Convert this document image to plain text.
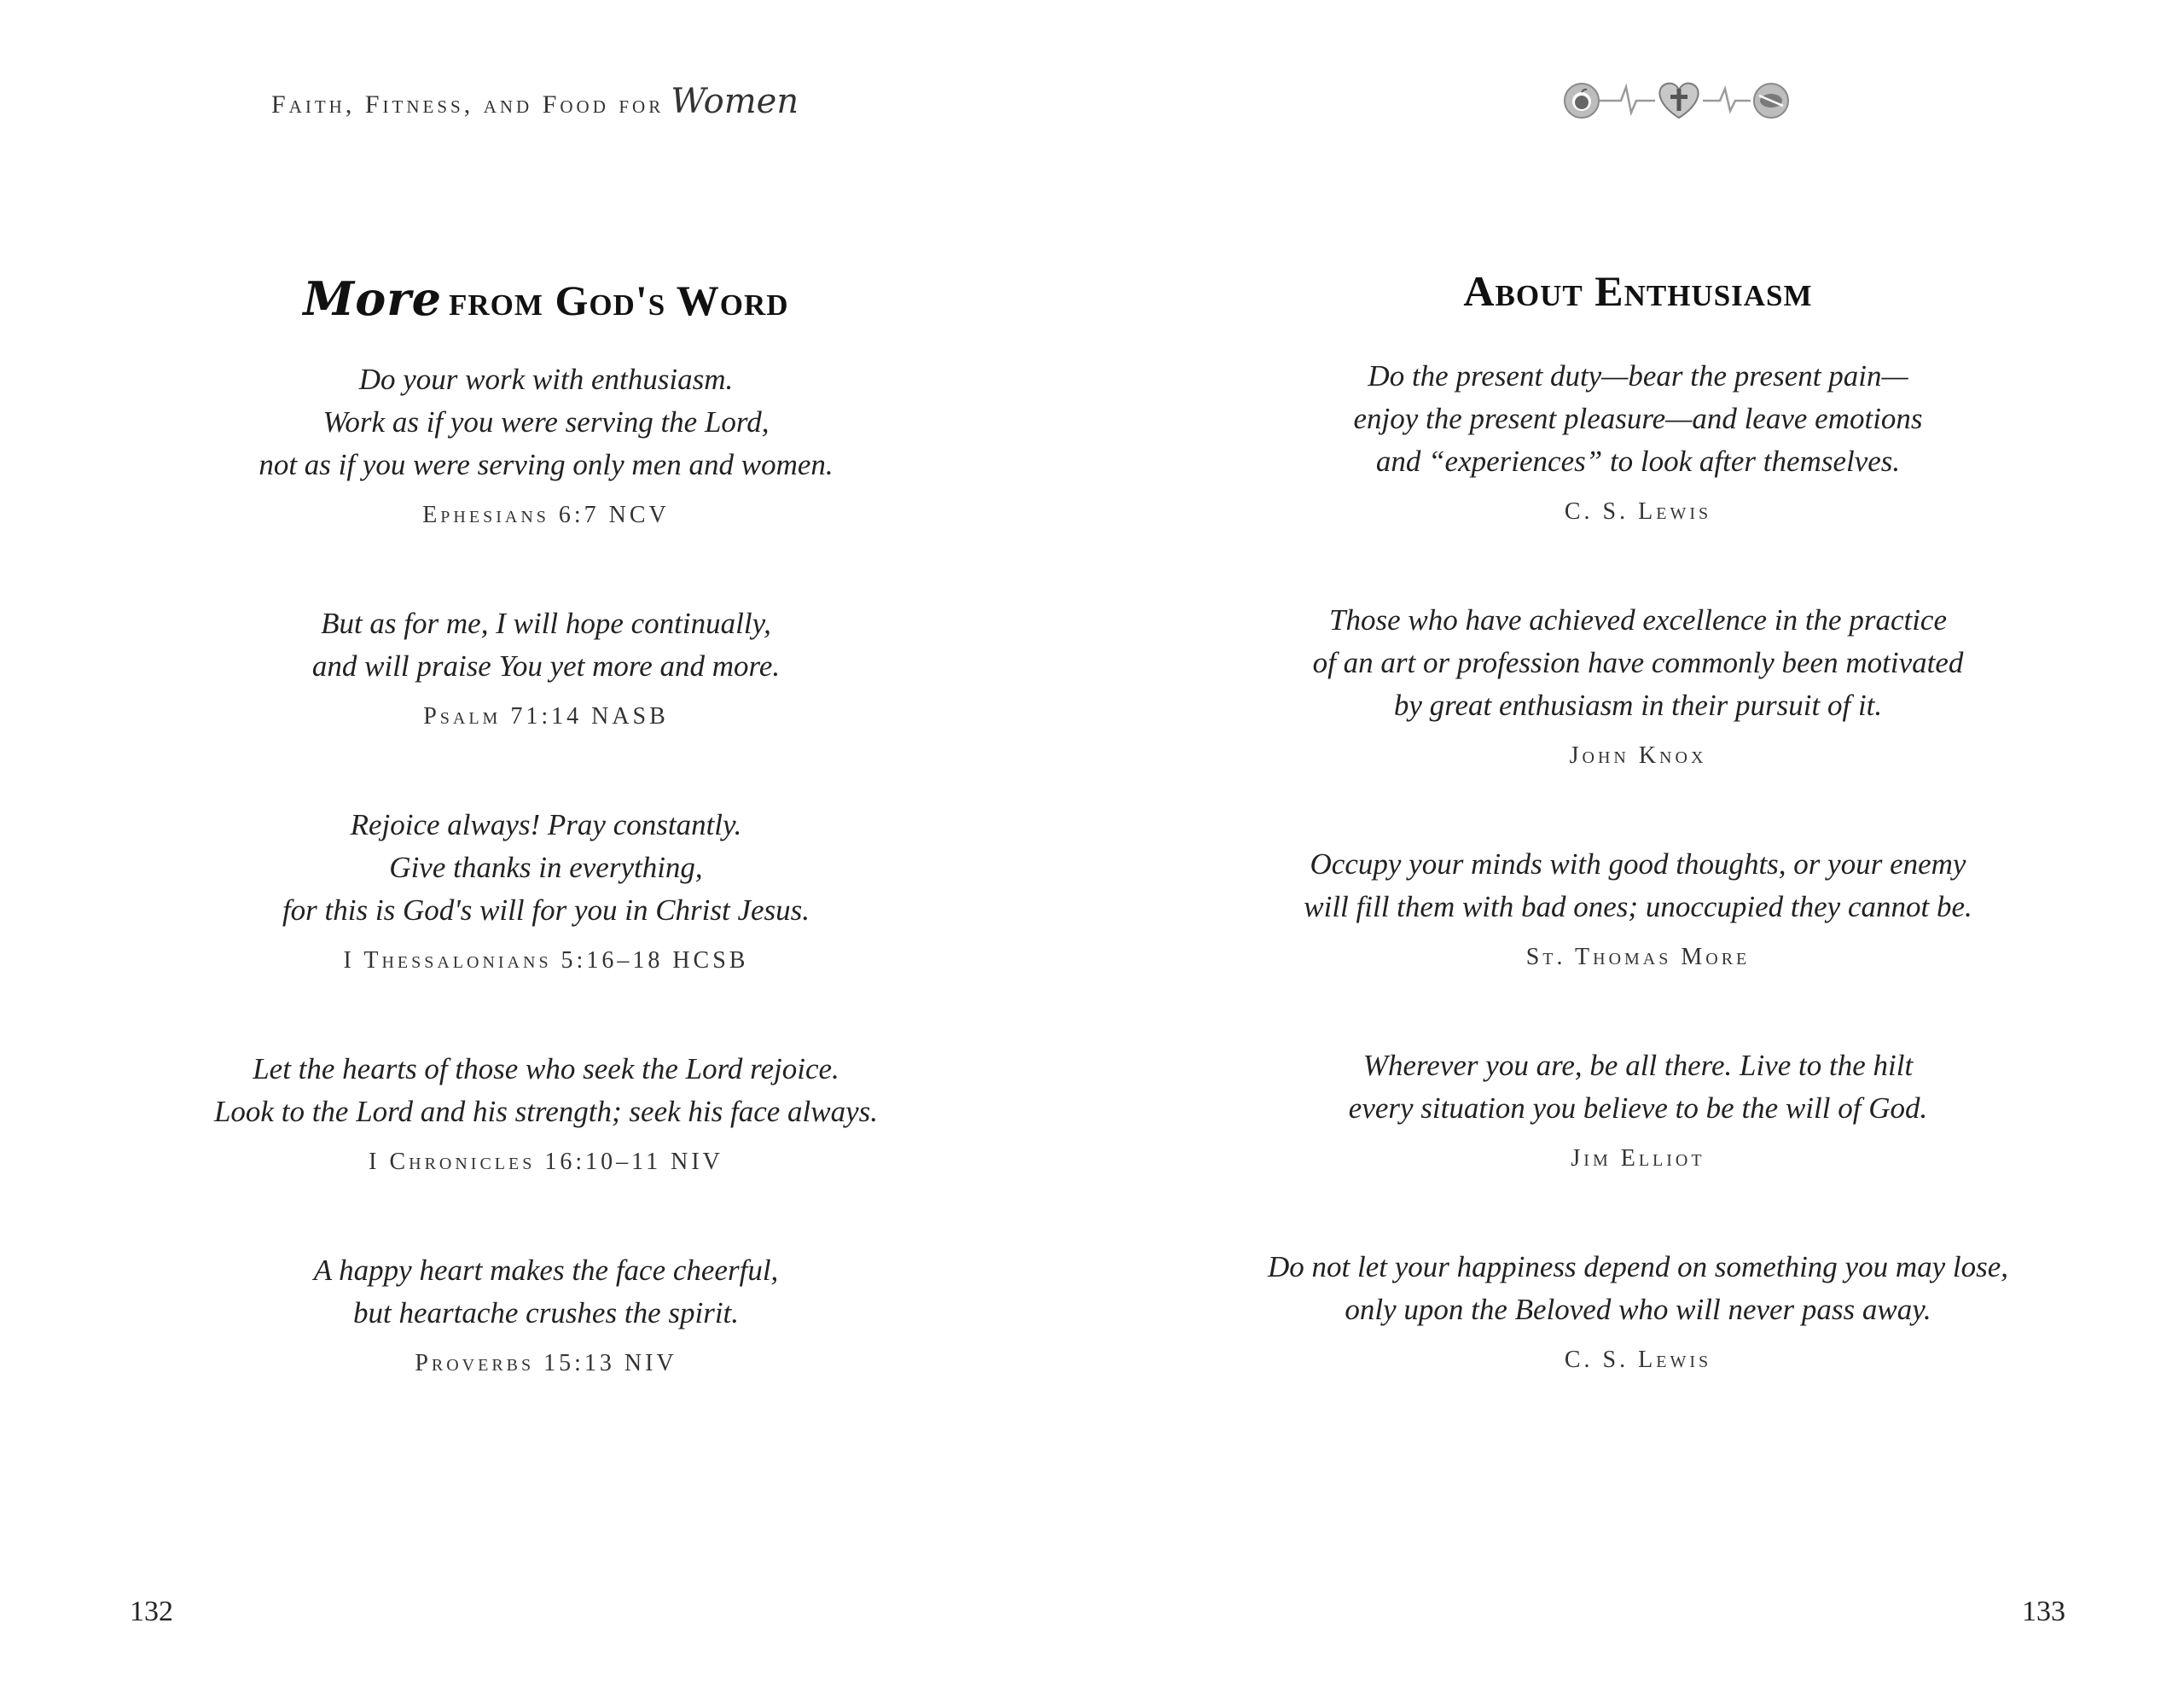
Faith, Fitness, and Food for Women
More from God's Word
Do your work with enthusiasm.
Work as if you were serving the Lord,
not as if you were serving only men and women.
Ephesians 6:7 NCV
But as for me, I will hope continually,
and will praise You yet more and more.
Psalm 71:14 NASB
Rejoice always! Pray constantly.
Give thanks in everything,
for this is God's will for you in Christ Jesus.
I Thessalonians 5:16–18 HCSB
Let the hearts of those who seek the Lord rejoice.
Look to the Lord and his strength; seek his face always.
I Chronicles 16:10–11 NIV
A happy heart makes the face cheerful,
but heartache crushes the spirit.
Proverbs 15:13 NIV
132
About Enthusiasm
Do the present duty—bear the present pain—
enjoy the present pleasure—and leave emotions
and “experiences” to look after themselves.
C. S. Lewis
Those who have achieved excellence in the practice
of an art or profession have commonly been motivated
by great enthusiasm in their pursuit of it.
John Knox
Occupy your minds with good thoughts, or your enemy
will fill them with bad ones; unoccupied they cannot be.
St. Thomas More
Wherever you are, be all there. Live to the hilt
every situation you believe to be the will of God.
Jim Elliot
Do not let your happiness depend on something you may lose,
only upon the Beloved who will never pass away.
C. S. Lewis
133
